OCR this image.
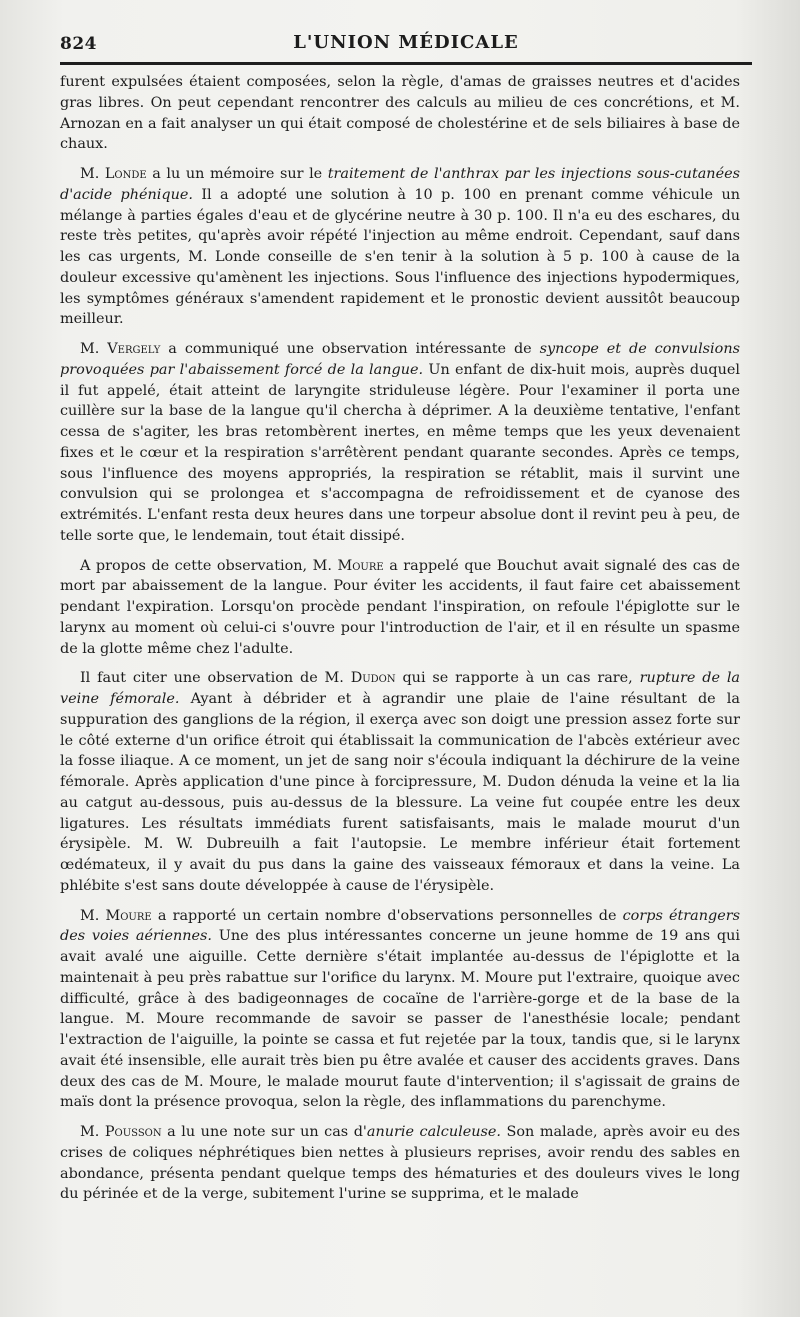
824	L'UNION MÉDICALE

furent expulsées étaient composées, selon la règle, d'amas de graisses neutres et d'acides gras libres. On peut cependant rencontrer des calculs au milieu de ces concrétions, et M. Arnozan en a fait analyser un qui était composé de cholestérine et de sels biliaires à base de chaux.

M. Londe a lu un mémoire sur le traitement de l'anthrax par les injections sous-cutanées d'acide phénique. Il a adopté une solution à 10 p. 100 en prenant comme véhicule un mélange à parties égales d'eau et de glycérine neutre à 30 p. 100. Il n'a eu des eschares, du reste très petites, qu'après avoir répété l'injection au même endroit. Cependant, sauf dans les cas urgents, M. Londe conseille de s'en tenir à la solution à 5 p. 100 à cause de la douleur excessive qu'amènent les injections. Sous l'influence des injections hypodermiques, les symptômes généraux s'amendent rapidement et le pronostic devient aussitôt beaucoup meilleur.

M. Vergely a communiqué une observation intéressante de syncope et de convulsions provoquées par l'abaissement forcé de la langue. Un enfant de dix-huit mois, auprès duquel il fut appelé, était atteint de laryngite striduleuse légère. Pour l'examiner il porta une cuillère sur la base de la langue qu'il chercha à déprimer. A la deuxième tentative, l'enfant cessa de s'agiter, les bras retombèrent inertes, en même temps que les yeux devenaient fixes et le cœur et la respiration s'arrêtèrent pendant quarante secondes. Après ce temps, sous l'influence des moyens appropriés, la respiration se rétablit, mais il survint une convulsion qui se prolongea et s'accompagna de refroidissement et de cyanose des extrémités. L'enfant resta deux heures dans une torpeur absolue dont il revint peu à peu, de telle sorte que, le lendemain, tout était dissipé.

A propos de cette observation, M. Moure a rappelé que Bouchut avait signalé des cas de mort par abaissement de la langue. Pour éviter les accidents, il faut faire cet abaissement pendant l'expiration. Lorsqu'on procède pendant l'inspiration, on refoule l'épiglotte sur le larynx au moment où celui-ci s'ouvre pour l'introduction de l'air, et il en résulte un spasme de la glotte même chez l'adulte.

Il faut citer une observation de M. Dudon qui se rapporte à un cas rare, rupture de la veine fémorale. Ayant à débrider et à agrandir une plaie de l'aine résultant de la suppuration des ganglions de la région, il exerça avec son doigt une pression assez forte sur le côté externe d'un orifice étroit qui établissait la communication de l'abcès extérieur avec la fosse iliaque. A ce moment, un jet de sang noir s'écoula indiquant la déchirure de la veine fémorale. Après application d'une pince à forcipressure, M. Dudon dénuda la veine et la lia au catgut au-dessous, puis au-dessus de la blessure. La veine fut coupée entre les deux ligatures. Les résultats immédiats furent satisfaisants, mais le malade mourut d'un érysipèle. M. W. Dubreuilh a fait l'autopsie. Le membre inférieur était fortement œdémateux, il y avait du pus dans la gaine des vaisseaux fémoraux et dans la veine. La phlébite s'est sans doute développée à cause de l'érysipèle.

M. Moure a rapporté un certain nombre d'observations personnelles de corps étrangers des voies aériennes. Une des plus intéressantes concerne un jeune homme de 19 ans qui avait avalé une aiguille. Cette dernière s'était implantée au-dessus de l'épiglotte et la maintenait à peu près rabattue sur l'orifice du larynx. M. Moure put l'extraire, quoique avec difficulté, grâce à des badigeonnages de cocaïne de l'arrière-gorge et de la base de la langue. M. Moure recommande de savoir se passer de l'anesthésie locale; pendant l'extraction de l'aiguille, la pointe se cassa et fut rejetée par la toux, tandis que, si le larynx avait été insensible, elle aurait très bien pu être avalée et causer des accidents graves. Dans deux des cas de M. Moure, le malade mourut faute d'intervention; il s'agissait de grains de maïs dont la présence provoqua, selon la règle, des inflammations du parenchyme.

M. Pousson a lu une note sur un cas d'anurie calculeuse. Son malade, après avoir eu des crises de coliques néphrétiques bien nettes à plusieurs reprises, avoir rendu des sables en abondance, présenta pendant quelque temps des hématuries et des douleurs vives le long du périnée et de la verge, subitement l'urine se supprima, et le malade
